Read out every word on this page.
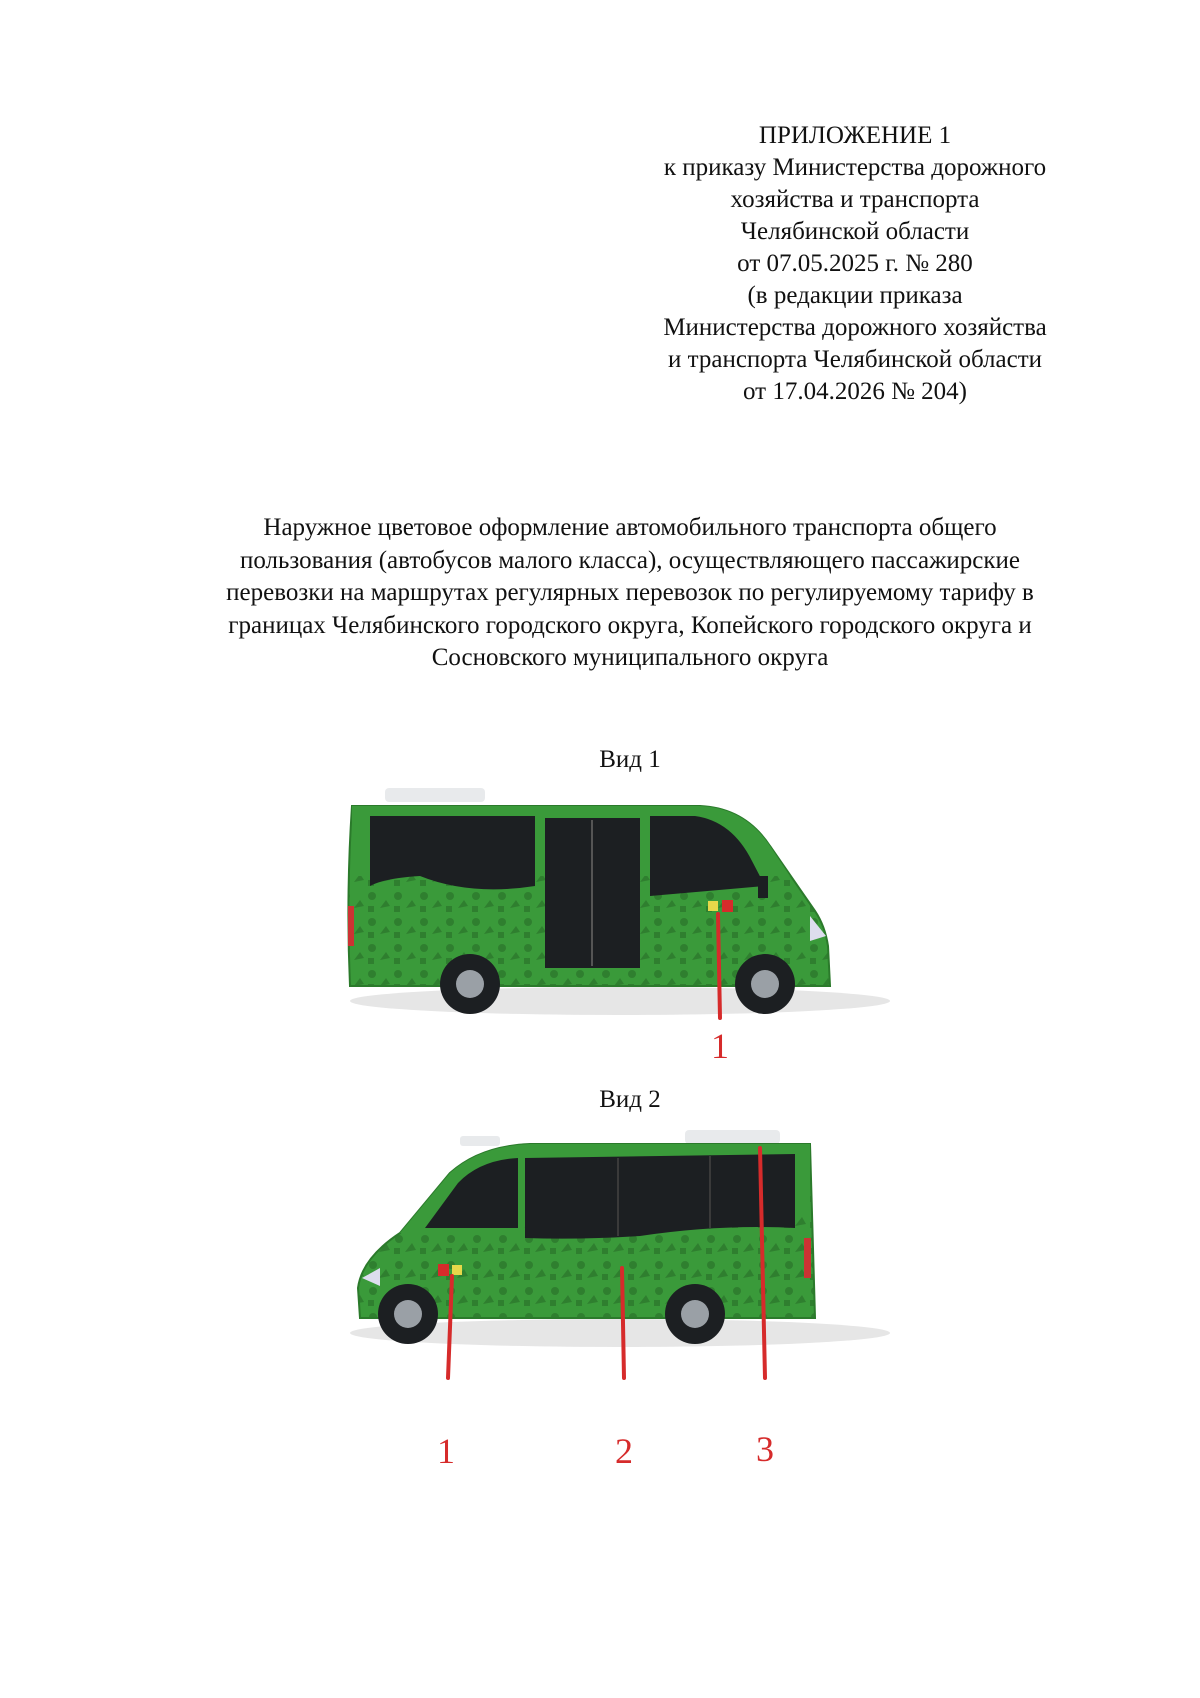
ПРИЛОЖЕНИЕ 1
к приказу Министерства дорожного
хозяйства и транспорта
Челябинской области
от 07.05.2025 г. № 280
(в редакции приказа
Министерства дорожного хозяйства
и транспорта Челябинской области
от 17.04.2026 № 204)
Наружное цветовое оформление автомобильного транспорта общего
пользования (автобусов малого класса), осуществляющего пассажирские
перевозки на маршрутах регулярных перевозок по регулируемому тарифу в
границах Челябинского городского округа, Копейского городского округа и
Сосновского муниципального округа
Вид 1
1
Вид 2
1	2	3
